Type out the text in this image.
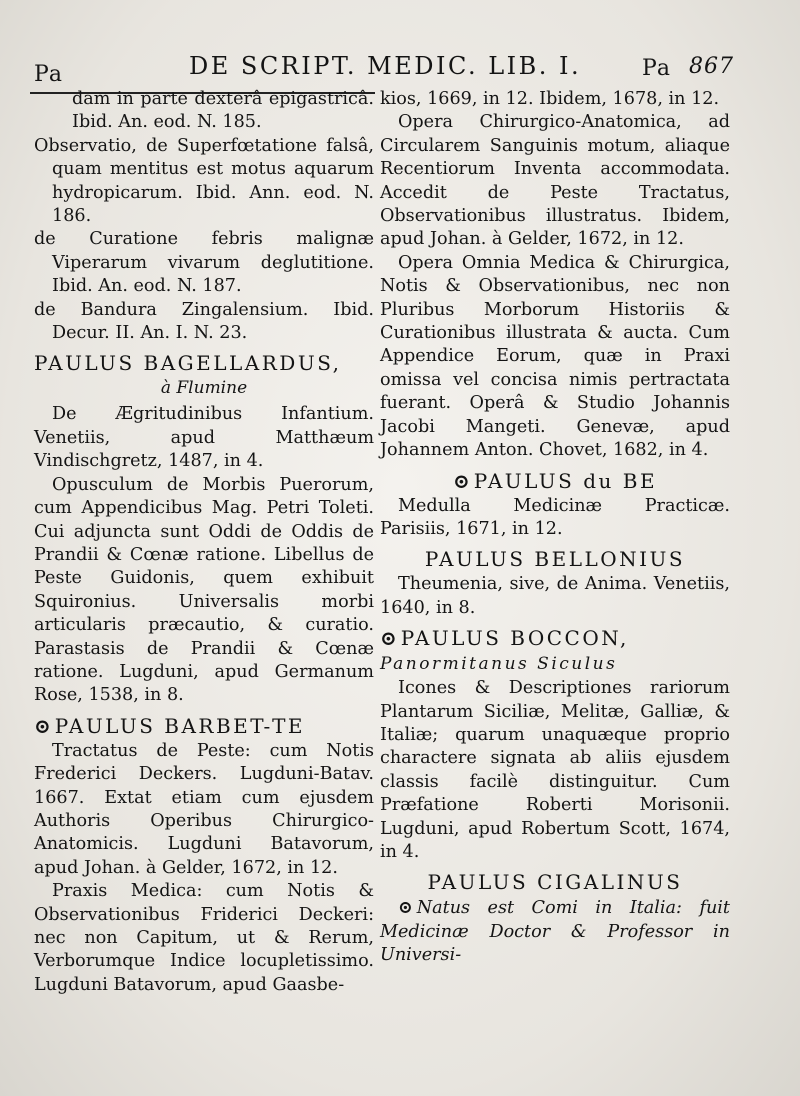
Pa	DE SCRIPT. MEDIC. LIB. I.	Pa 867

dam in parte dexterâ epigastricâ. Ibid. An. eod. N. 185.

Observatio, de Superfœtatione falsâ, quam mentitus est motus aquarum hydropicarum. Ibid. Ann. eod. N. 186.

de Curatione febris malignæ Viperarum vivarum deglutitione. Ibid. An. eod. N. 187.

de Bandura Zingalensium. Ibid. Decur. II. An. I. N. 23.

PAULUS BAGELLARDUS,
à Flumine

De Ægritudinibus Infantium. Venetiis, apud Matthæum Vindischgretz, 1487, in 4.

Opusculum de Morbis Puerorum, cum Appendicibus Mag. Petri Toleti. Cui adjuncta sunt Oddi de Oddis de Prandii & Cœnæ ratione. Libellus de Peste Guidonis, quem exhibuit Squironius. Universalis morbi articularis præcautio, & curatio. Parastasis de Prandii & Cœnæ ratione. Lugduni, apud Germanum Rose, 1538, in 8.

⊙ PAULUS BARBET-TE

Tractatus de Peste: cum Notis Frederici Deckers. Lugduni-Batav. 1667. Extat etiam cum ejusdem Authoris Operibus Chirurgico-Anatomicis. Lugduni Batavorum, apud Johan. à Gelder, 1672, in 12.

Praxis Medica: cum Notis & Observationibus Friderici Deckeri: nec non Capitum, ut & Rerum, Verborumque Indice locupletissimo. Lugduni Batavorum, apud Gaasbe-

kios, 1669, in 12. Ibidem, 1678, in 12.

Opera Chirurgico-Anatomica, ad Circularem Sanguinis motum, aliaque Recentiorum Inventa accommodata. Accedit de Peste Tractatus, Observationibus illustratus. Ibidem, apud Johan. à Gelder, 1672, in 12.

Opera Omnia Medica & Chirurgica, Notis & Observationibus, nec non Pluribus Morborum Historiis & Curationibus illustrata & aucta. Cum Appendice Eorum, quæ in Praxi omissa vel concisa nimis pertractata fuerant. Operâ & Studio Johannis Jacobi Mangeti. Genevæ, apud Johannem Anton. Chovet, 1682, in 4.

⊙ PAULUS du BE

Medulla Medicinæ Practicæ. Parisiis, 1671, in 12.

PAULUS BELLONIUS

Theumenia, sive, de Anima. Venetiis, 1640, in 8.

⊙ PAULUS BOCCON, Panormitanus Siculus

Icones & Descriptiones rariorum Plantarum Siciliæ, Melitæ, Galliæ, & Italiæ; quarum unaquæque proprio charactere signata ab aliis ejusdem classis facilè distinguitur. Cum Præfatione Roberti Morisonii. Lugduni, apud Robertum Scott, 1674, in 4.

PAULUS CIGALINUS

⊙ Natus est Comi in Italia: fuit Medicinæ Doctor & Professor in Universi-
